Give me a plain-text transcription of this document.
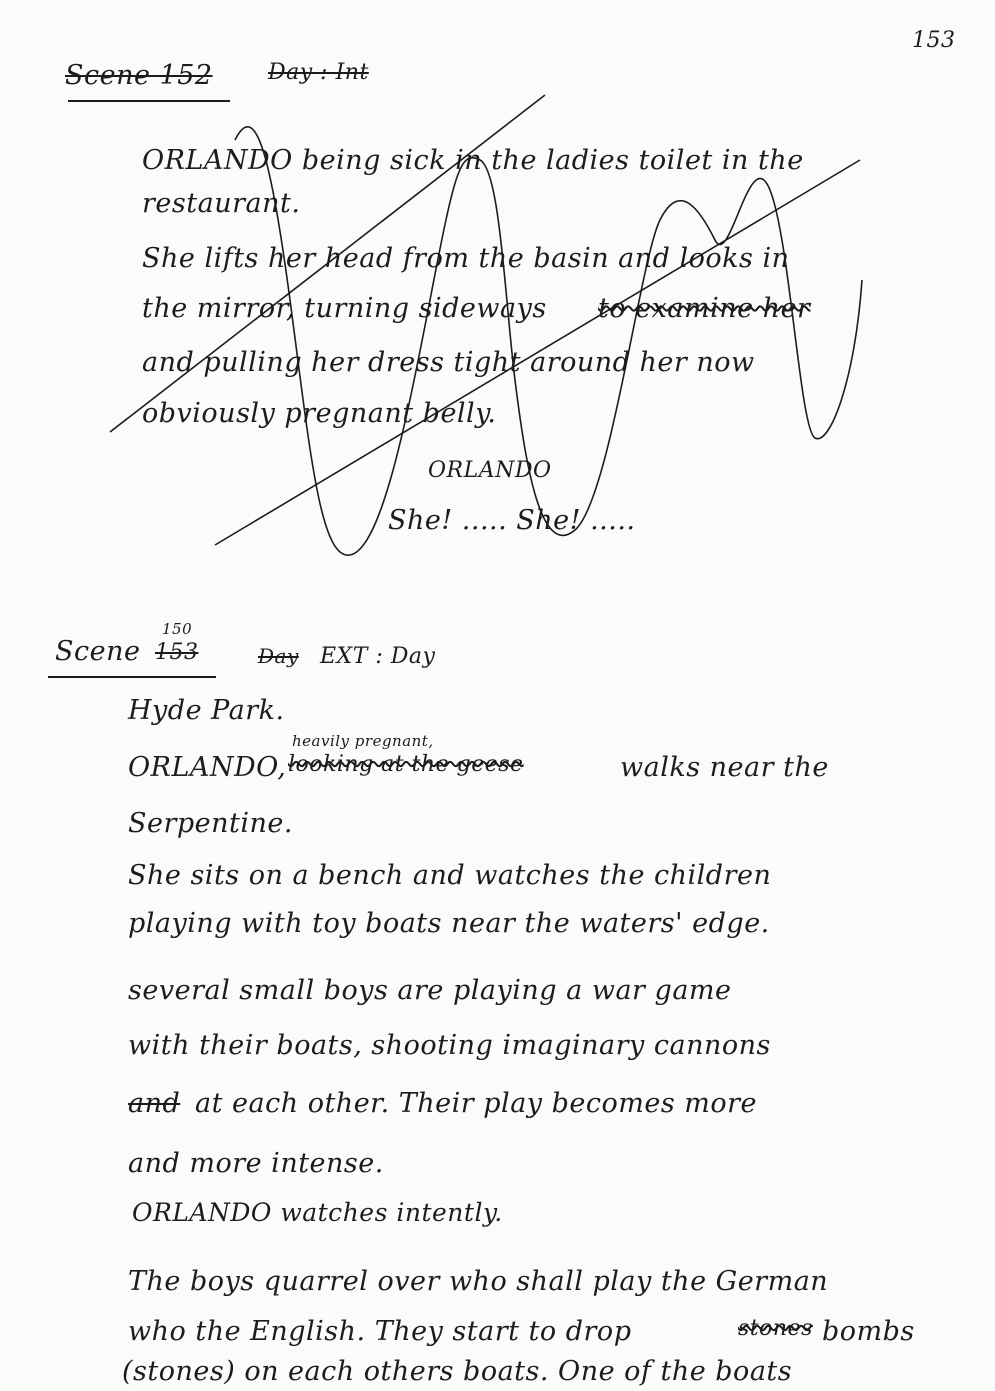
153
Scene 152	Day : Int
ORLANDO being sick in the ladies toilet in the
restaurant.
She lifts her head from the basin and looks in
the mirror, turning sideways to examine her
and pulling her dress tight around her now
obviously pregnant belly.
ORLANDO
She! ..... She! .....
Scene
150
153	Day EXT : Day
Hyde Park.
heavily pregnant,
ORLANDO, looking at the geese	walks near the
Serpentine.
She sits on a bench and watches the children
playing with toy boats near the waters' edge.
several small boys are playing a war game
with their boats, shooting imaginary cannons
and at each other. Their play becomes more
and more intense.
ORLANDO watches intently.
The boys quarrel over who shall play the German
who the English. They start to drop	stones bombs
(stones) on each others boats. One of the boats
